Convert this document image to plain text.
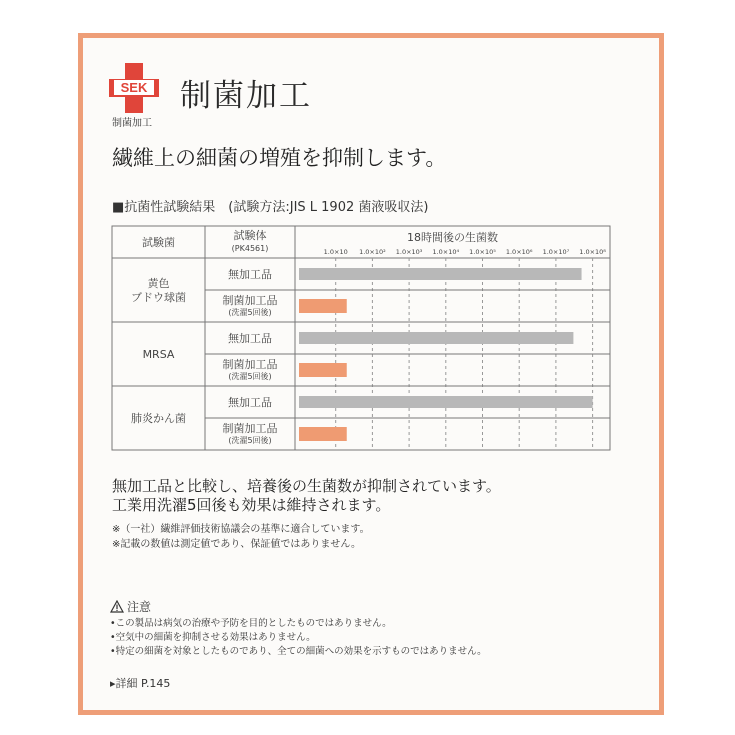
SEK
制菌加工
制菌加工
繊維上の細菌の増殖を抑制します。
■抗菌性試験結果　(試験方法:JIS L 1902 菌液吸収法)
試験菌
試験体
(PK4561)
18時間後の生菌数
1.0×10 1.0×10² 1.0×10³ 1.0×10⁴ 1.0×10⁵ 1.0×10⁶ 1.0×10⁷ 1.0×10⁸
黄色
ブドウ球菌
無加工品
制菌加工品
(洗濯5回後)
MRSA
無加工品
制菌加工品
(洗濯5回後)
肺炎かん菌
無加工品
制菌加工品
(洗濯5回後)
無加工品と比較し、培養後の生菌数が抑制されています。
工業用洗濯5回後も効果は維持されます。
※（一社）繊維評価技術協議会の基準に適合しています。
※記載の数値は測定値であり、保証値ではありません。
注意
•この製品は病気の治療や予防を目的としたものではありません。
•空気中の細菌を抑制させる効果はありません。
•特定の細菌を対象としたものであり、全ての細菌への効果を示すものではありません。
▸詳細 P.145
